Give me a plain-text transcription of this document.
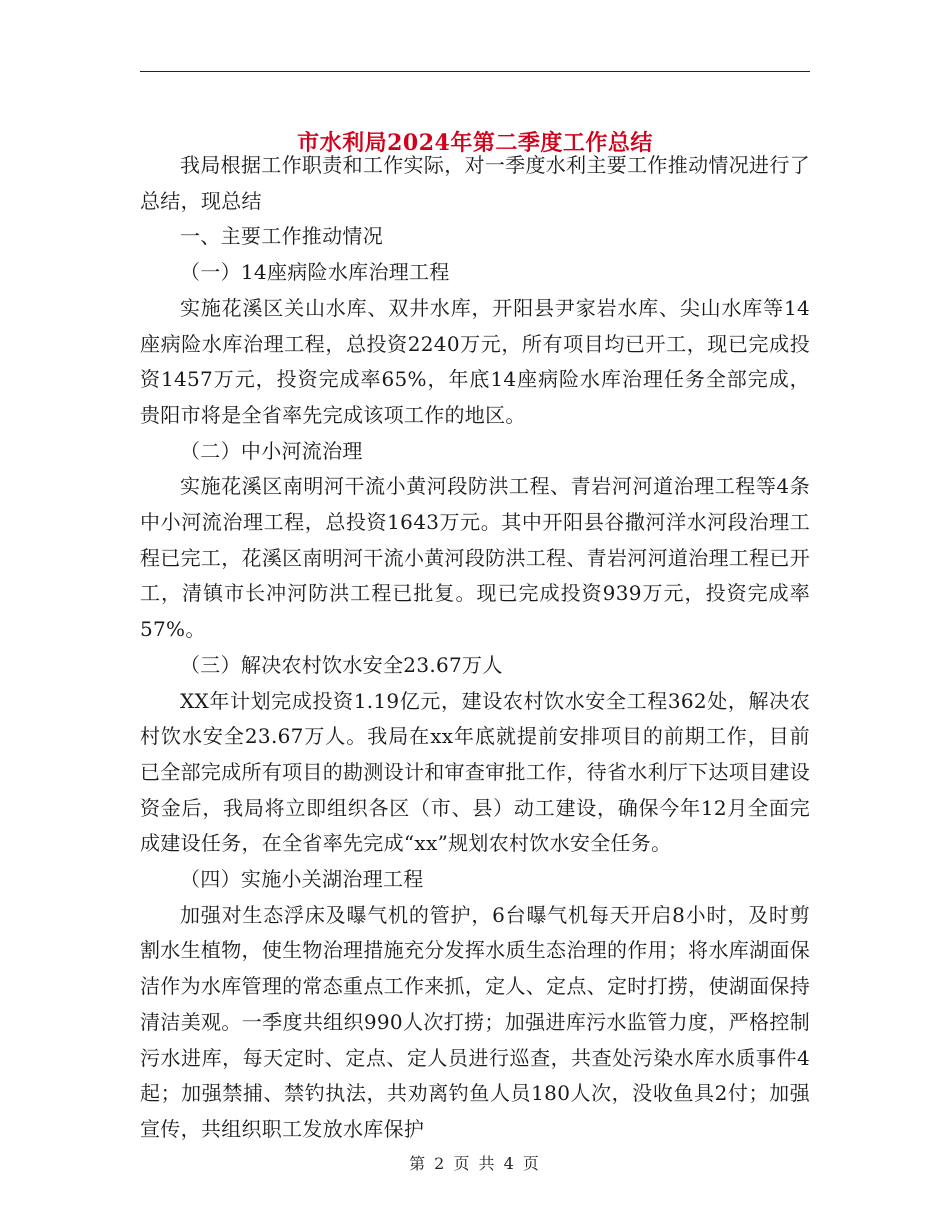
市水利局2024年第二季度工作总结

我局根据工作职责和工作实际，对一季度水利主要工作推动情况进行了总结，现总结

一、主要工作推动情况

（一）14座病险水库治理工程

实施花溪区关山水库、双井水库，开阳县尹家岩水库、尖山水库等14座病险水库治理工程，总投资2240万元，所有项目均已开工，现已完成投资1457万元，投资完成率65%，年底14座病险水库治理任务全部完成，贵阳市将是全省率先完成该项工作的地区。

（二）中小河流治理

实施花溪区南明河干流小黄河段防洪工程、青岩河河道治理工程等4条中小河流治理工程，总投资1643万元。其中开阳县谷撒河洋水河段治理工程已完工，花溪区南明河干流小黄河段防洪工程、青岩河河道治理工程已开工，清镇市长冲河防洪工程已批复。现已完成投资939万元，投资完成率57%。

（三）解决农村饮水安全23.67万人

XX年计划完成投资1.19亿元，建设农村饮水安全工程362处，解决农村饮水安全23.67万人。我局在xx年底就提前安排项目的前期工作，目前已全部完成所有项目的勘测设计和审查审批工作，待省水利厅下达项目建设资金后，我局将立即组织各区（市、县）动工建设，确保今年12月全面完成建设任务，在全省率先完成“xx”规划农村饮水安全任务。

（四）实施小关湖治理工程

加强对生态浮床及曝气机的管护，6台曝气机每天开启8小时，及时剪割水生植物，使生物治理措施充分发挥水质生态治理的作用；将水库湖面保洁作为水库管理的常态重点工作来抓，定人、定点、定时打捞，使湖面保持清洁美观。一季度共组织990人次打捞；加强进库污水监管力度，严格控制污水进库，每天定时、定点、定人员进行巡查，共查处污染水库水质事件4起；加强禁捕、禁钓执法，共劝离钓鱼人员180人次，没收鱼具2付；加强宣传，共组织职工发放水库保护

第 2 页 共 4 页
